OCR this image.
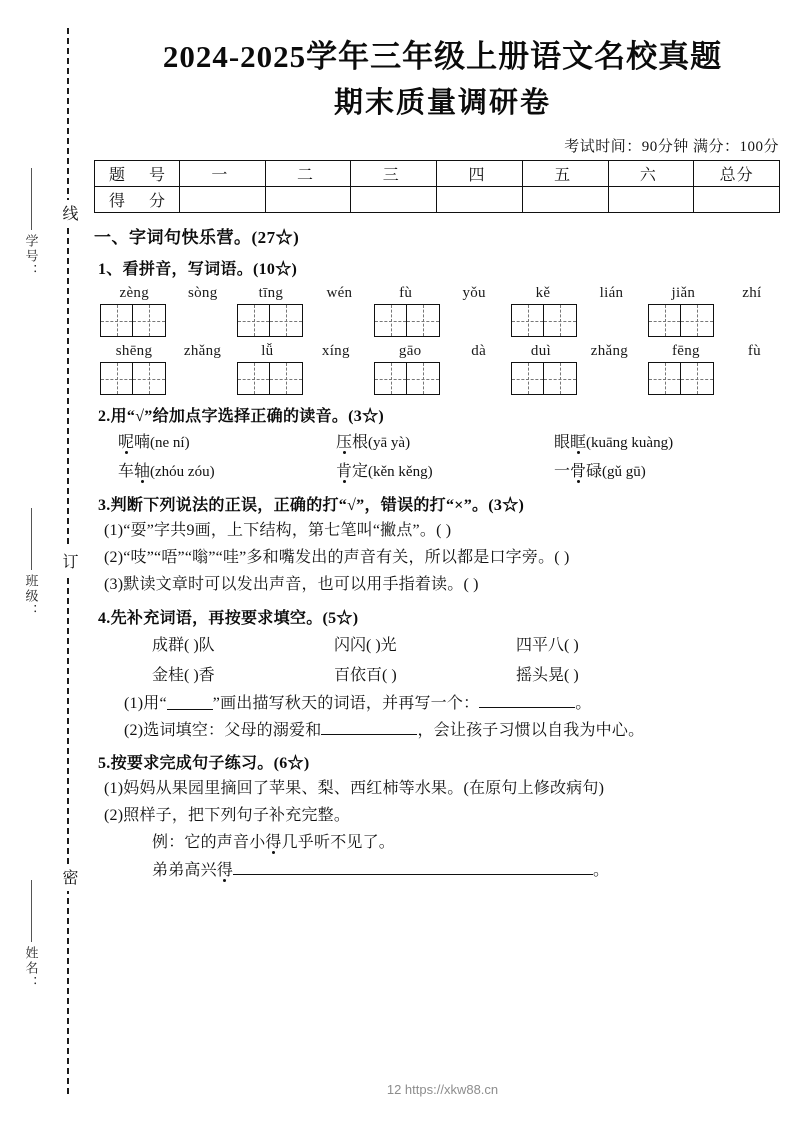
线
订
密
学号：
班级：
姓名：
2024-2025学年三年级上册语文名校真题
期末质量调研卷
考试时间：90分钟 满分：100分
题 号	一	二	三	四	五	六	总分
得 分							
一、字词句快乐营。(27☆)
1、看拼音，写词语。(10☆)
zèng	sòng	tīng	wén	fù	yǒu	kě	lián	jiǎn	zhí
shēng zhǎng	lǚ	xíng	gāo	dà	duì	zhǎng	fēng	fù
2.用“√”给加点字选择正确的读音。(3☆)
呢喃(ne ní)	压根(yā yà)	眼眶(kuāng kuàng)
车轴(zhóu zóu)	肯定(kěn kěng)	一骨碌(gǔ gū)
3.判断下列说法的正误，正确的打“√”，错误的打“×”。(3☆)
(1)“耍”字共9画，上下结构，第七笔叫“撇点”。( )
(2)“吱”“唔”“嗡”“哇”多和嘴发出的声音有关，所以都是口字旁。( )
(3)默读文章时可以发出声音，也可以用手指着读。( )
4.先补充词语，再按要求填空。(5☆)
成群( )队	闪闪( )光	四平八( )
金桂( )香	百依百( )	摇头晃( )
(1)用“	”画出描写秋天的词语，并再写一个：	。
(2)选词填空：父母的溺爱和	，会让孩子习惯以自我为中心。
5.按要求完成句子练习。(6☆)
(1)妈妈从果园里摘回了苹果、梨、西红柿等水果。(在原句上修改病句)
(2)照样子，把下列句子补充完整。
例：它的声音小得几乎听不见了。
弟弟高兴得	。
12 https://xkw88.cn
